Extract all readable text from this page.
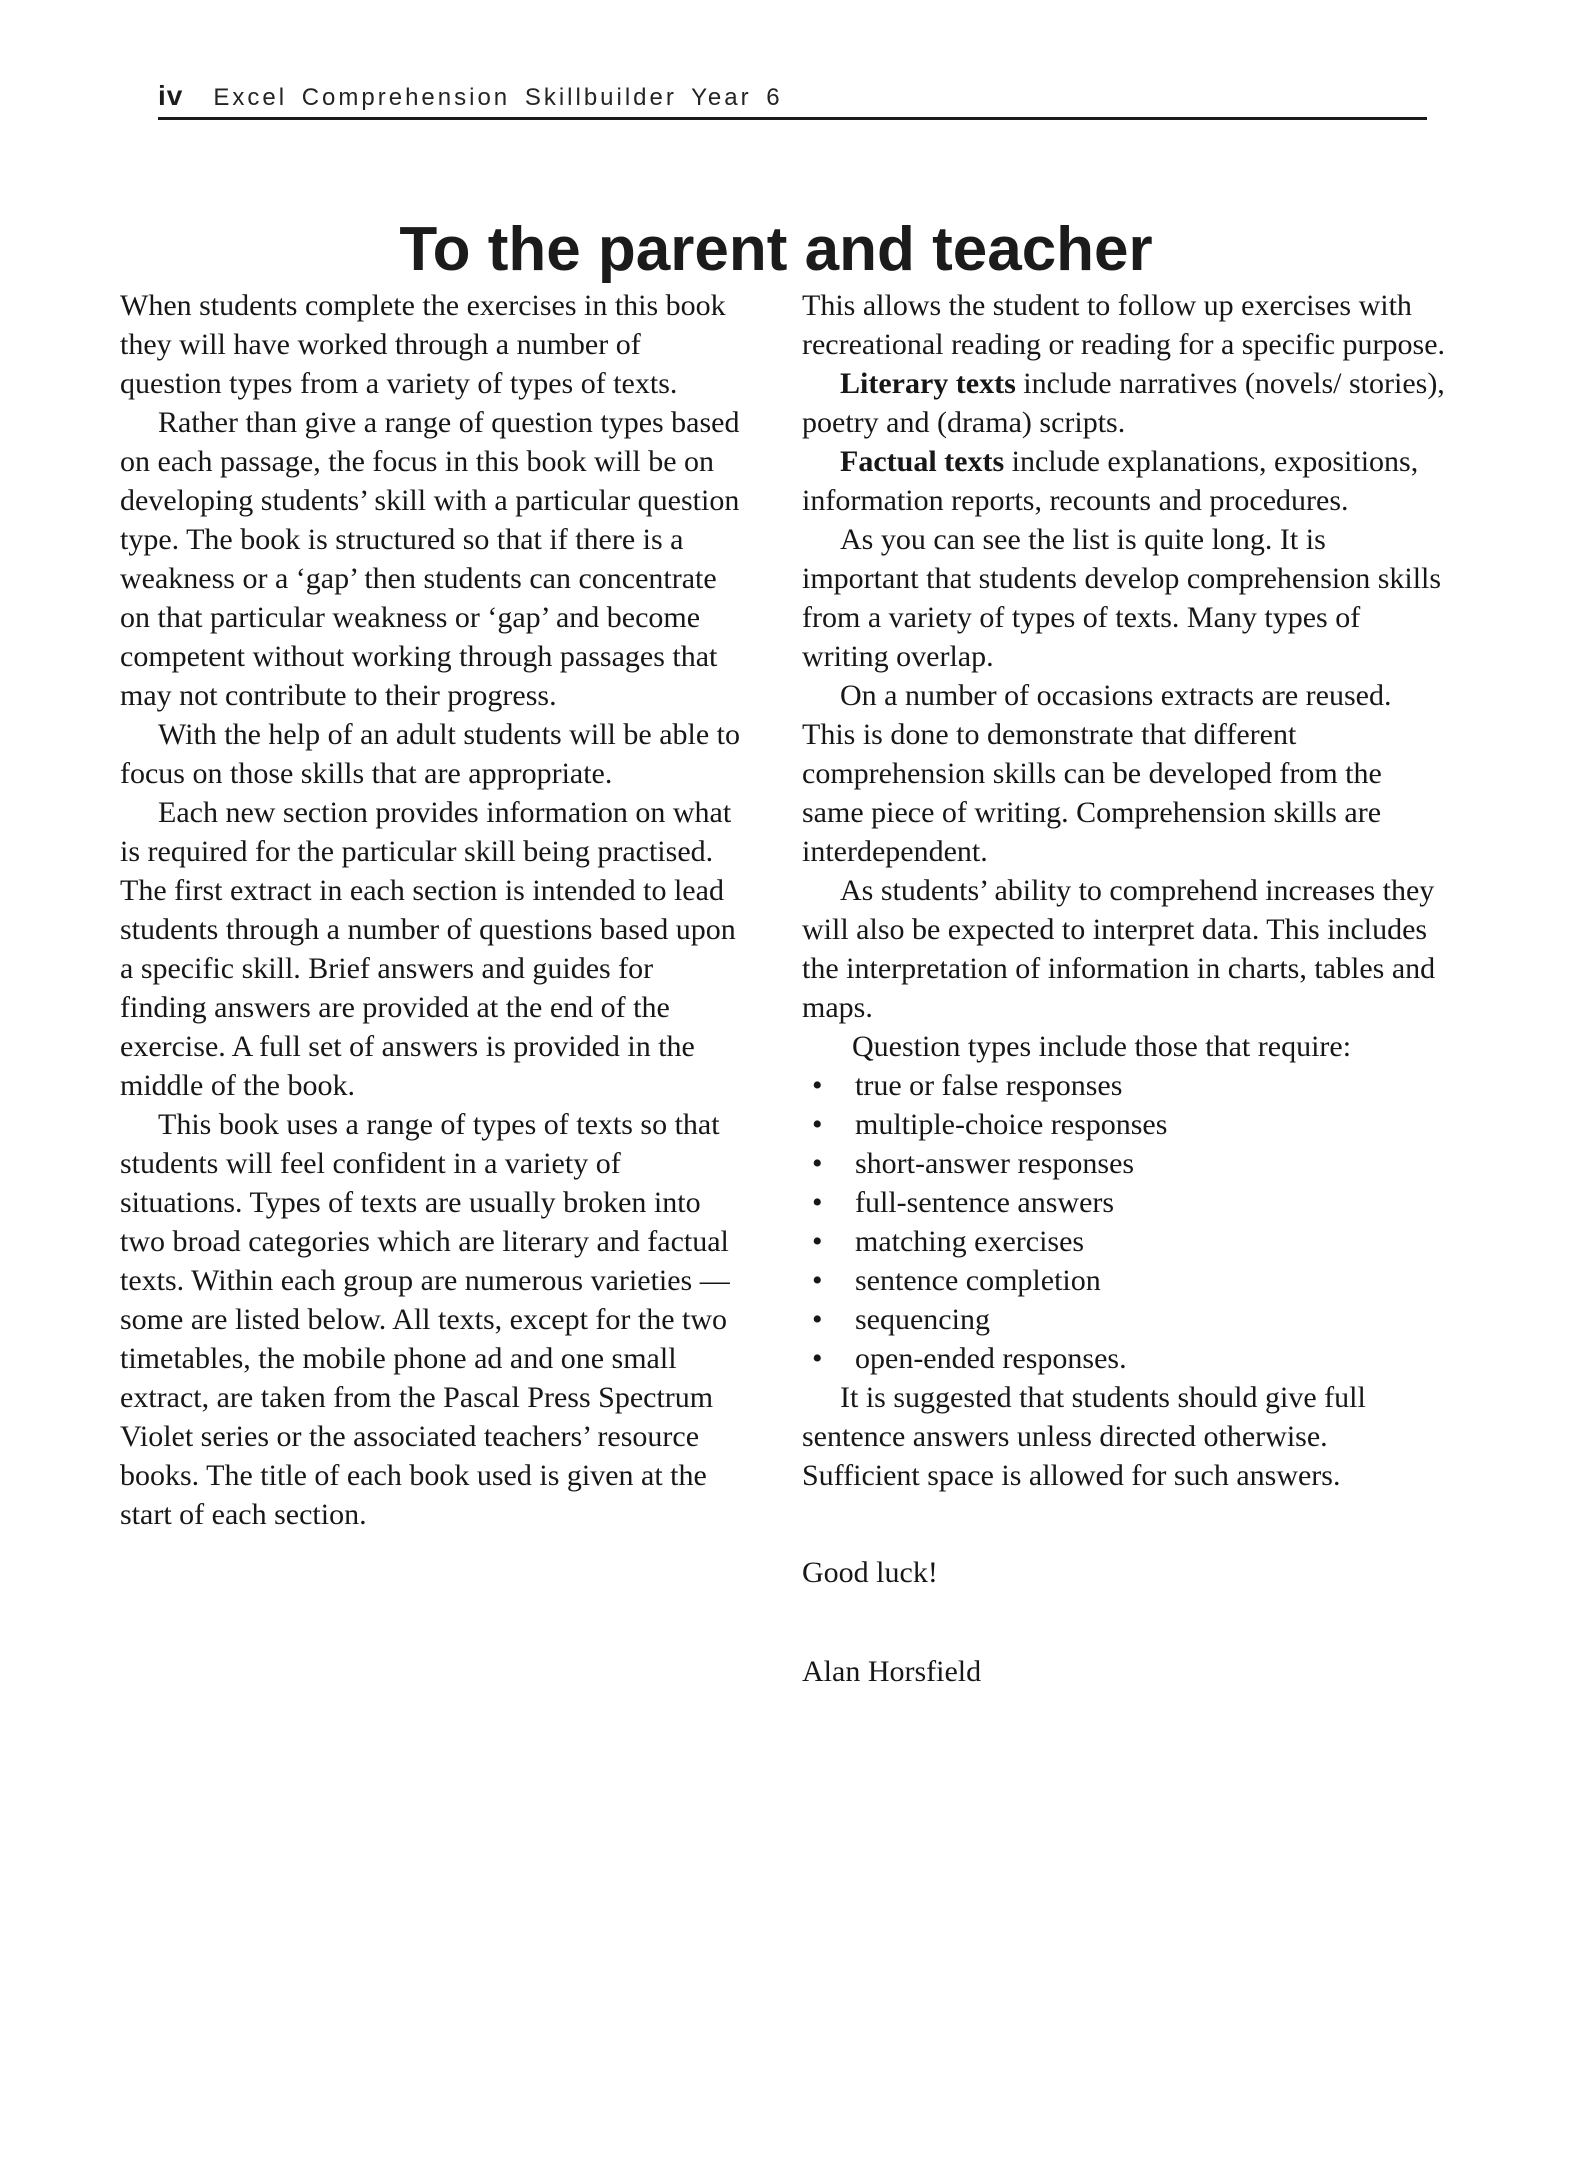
iv Excel Comprehension Skillbuilder Year 6
To the parent and teacher

When students complete the exercises in this book they will have worked through a number of question types from a variety of types of texts.

Rather than give a range of question types based on each passage, the focus in this book will be on developing students’ skill with a particular question type. The book is structured so that if there is a weakness or a ‘gap’ then students can concentrate on that particular weakness or ‘gap’ and become competent without working through passages that may not contribute to their progress.

With the help of an adult students will be able to focus on those skills that are appropriate.

Each new section provides information on what is required for the particular skill being practised. The first extract in each section is intended to lead students through a number of questions based upon a specific skill. Brief answers and guides for finding answers are provided at the end of the exercise. A full set of answers is provided in the middle of the book.

This book uses a range of types of texts so that students will feel confident in a variety of situations. Types of texts are usually broken into two broad categories which are literary and factual texts. Within each group are numerous varieties — some are listed below. All texts, except for the two timetables, the mobile phone ad and one small extract, are taken from the Pascal Press Spectrum Violet series or the associated teachers’ resource books. The title of each book used is given at the start of each section.

This allows the student to follow up exercises with recreational reading or reading for a specific purpose.

Literary texts include narratives (novels/ stories), poetry and (drama) scripts.

Factual texts include explanations, expositions, information reports, recounts and procedures.

As you can see the list is quite long. It is important that students develop comprehension skills from a variety of types of texts. Many types of writing overlap.

On a number of occasions extracts are reused. This is done to demonstrate that different comprehension skills can be developed from the same piece of writing. Comprehension skills are interdependent.

As students’ ability to comprehend increases they will also be expected to interpret data. This includes the interpretation of information in charts, tables and maps.

Question types include those that require:

•	true or false responses
•	multiple-choice responses
•	short-answer responses
•	full-sentence answers
•	matching exercises
•	sentence completion
•	sequencing
•	open-ended responses.

It is suggested that students should give full sentence answers unless directed otherwise. Sufficient space is allowed for such answers.

Good luck!

Alan Horsfield
